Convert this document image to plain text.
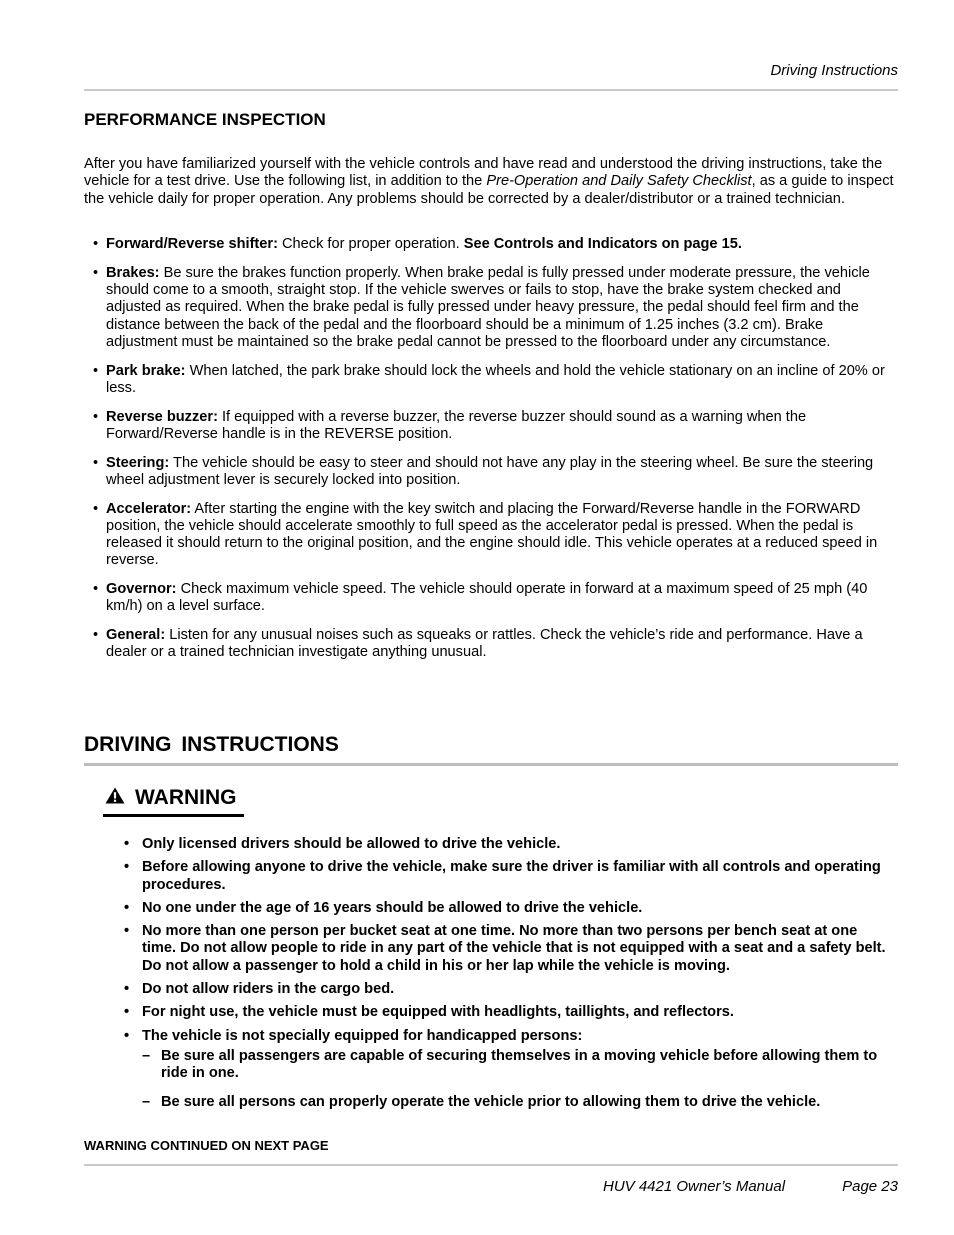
Driving Instructions
PERFORMANCE INSPECTION

After you have familiarized yourself with the vehicle controls and have read and understood the driving instructions, take the vehicle for a test drive. Use the following list, in addition to the Pre-Operation and Daily Safety Checklist, as a guide to inspect the vehicle daily for proper operation. Any problems should be corrected by a dealer/distributor or a trained technician.

• Forward/Reverse shifter: Check for proper operation. See Controls and Indicators on page 15.
• Brakes: Be sure the brakes function properly. When brake pedal is fully pressed under moderate pressure, the vehicle should come to a smooth, straight stop. If the vehicle swerves or fails to stop, have the brake system checked and adjusted as required. When the brake pedal is fully pressed under heavy pressure, the pedal should feel firm and the distance between the back of the pedal and the floorboard should be a minimum of 1.25 inches (3.2 cm). Brake adjustment must be maintained so the brake pedal cannot be pressed to the floorboard under any circumstance.
• Park brake: When latched, the park brake should lock the wheels and hold the vehicle stationary on an incline of 20% or less.
• Reverse buzzer: If equipped with a reverse buzzer, the reverse buzzer should sound as a warning when the Forward/Reverse handle is in the REVERSE position.
• Steering: The vehicle should be easy to steer and should not have any play in the steering wheel. Be sure the steering wheel adjustment lever is securely locked into position.
• Accelerator: After starting the engine with the key switch and placing the Forward/Reverse handle in the FORWARD position, the vehicle should accelerate smoothly to full speed as the accelerator pedal is pressed. When the pedal is released it should return to the original position, and the engine should idle. This vehicle operates at a reduced speed in reverse.
• Governor: Check maximum vehicle speed. The vehicle should operate in forward at a maximum speed of 25 mph (40 km/h) on a level surface.
• General: Listen for any unusual noises such as squeaks or rattles. Check the vehicle’s ride and performance. Have a dealer or a trained technician investigate anything unusual.
DRIVING INSTRUCTIONS
WARNING
• Only licensed drivers should be allowed to drive the vehicle.
• Before allowing anyone to drive the vehicle, make sure the driver is familiar with all controls and operating procedures.
• No one under the age of 16 years should be allowed to drive the vehicle.
• No more than one person per bucket seat at one time. No more than two persons per bench seat at one time. Do not allow people to ride in any part of the vehicle that is not equipped with a seat and a safety belt. Do not allow a passenger to hold a child in his or her lap while the vehicle is moving.
• Do not allow riders in the cargo bed.
• For night use, the vehicle must be equipped with headlights, taillights, and reflectors.
• The vehicle is not specially equipped for handicapped persons:
– Be sure all passengers are capable of securing themselves in a moving vehicle before allowing them to ride in one.
– Be sure all persons can properly operate the vehicle prior to allowing them to drive the vehicle.
WARNING CONTINUED ON NEXT PAGE
HUV 4421 Owner’s Manual	Page 23
